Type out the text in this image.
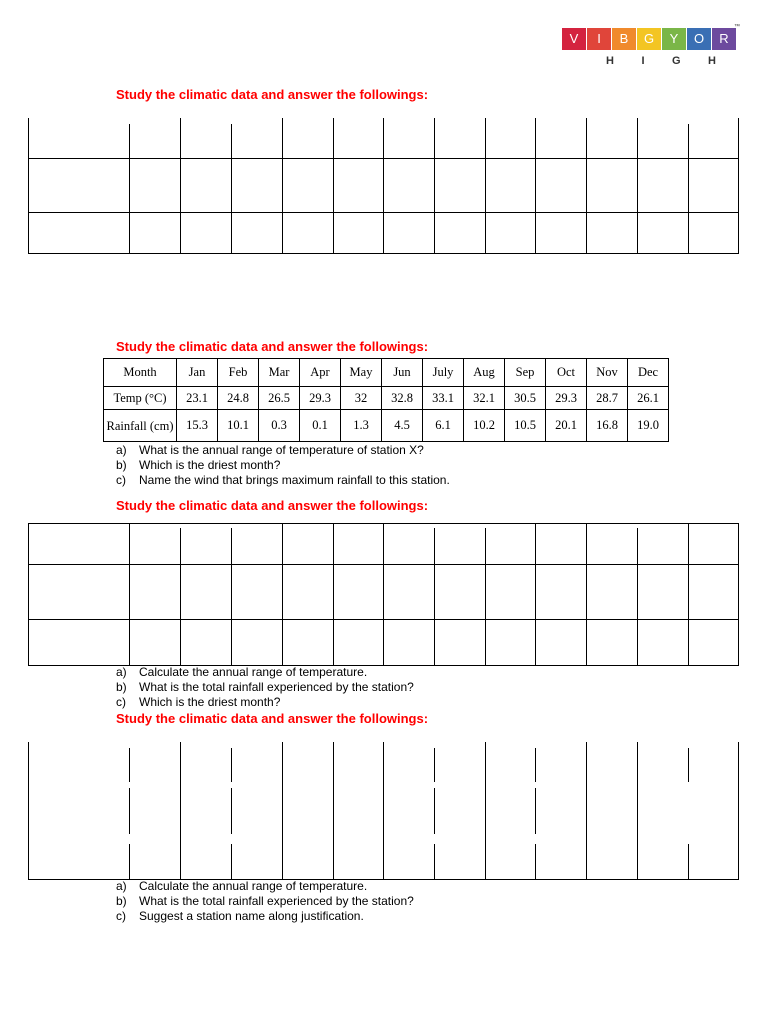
V	I	B	G	Y	O	R
™
H I G H
Study the climatic data and answer the followings:
Study the climatic data and answer the followings:
Month	Jan	Feb	Mar	Apr	May	Jun	July	Aug	Sep	Oct	Nov	Dec
Temp (°C)	23.1	24.8	26.5	29.3	32	32.8	33.1	32.1	30.5	29.3	28.7	26.1
Rainfall (cm)	15.3	10.1	0.3	0.1	1.3	4.5	6.1	10.2	10.5	20.1	16.8	19.0
a)	What is the annual range of temperature of station X?
b)	Which is the driest month?
c)	Name the wind that brings maximum rainfall to this station.
Study the climatic data and answer the followings:
a)	Calculate the annual range of temperature.
b)	What is the total rainfall experienced by the station?
c)	Which is the driest month?
Study the climatic data and answer the followings:
a)	Calculate the annual range of temperature.
b)	What is the total rainfall experienced by the station?
c)	Suggest a station name along justification.
